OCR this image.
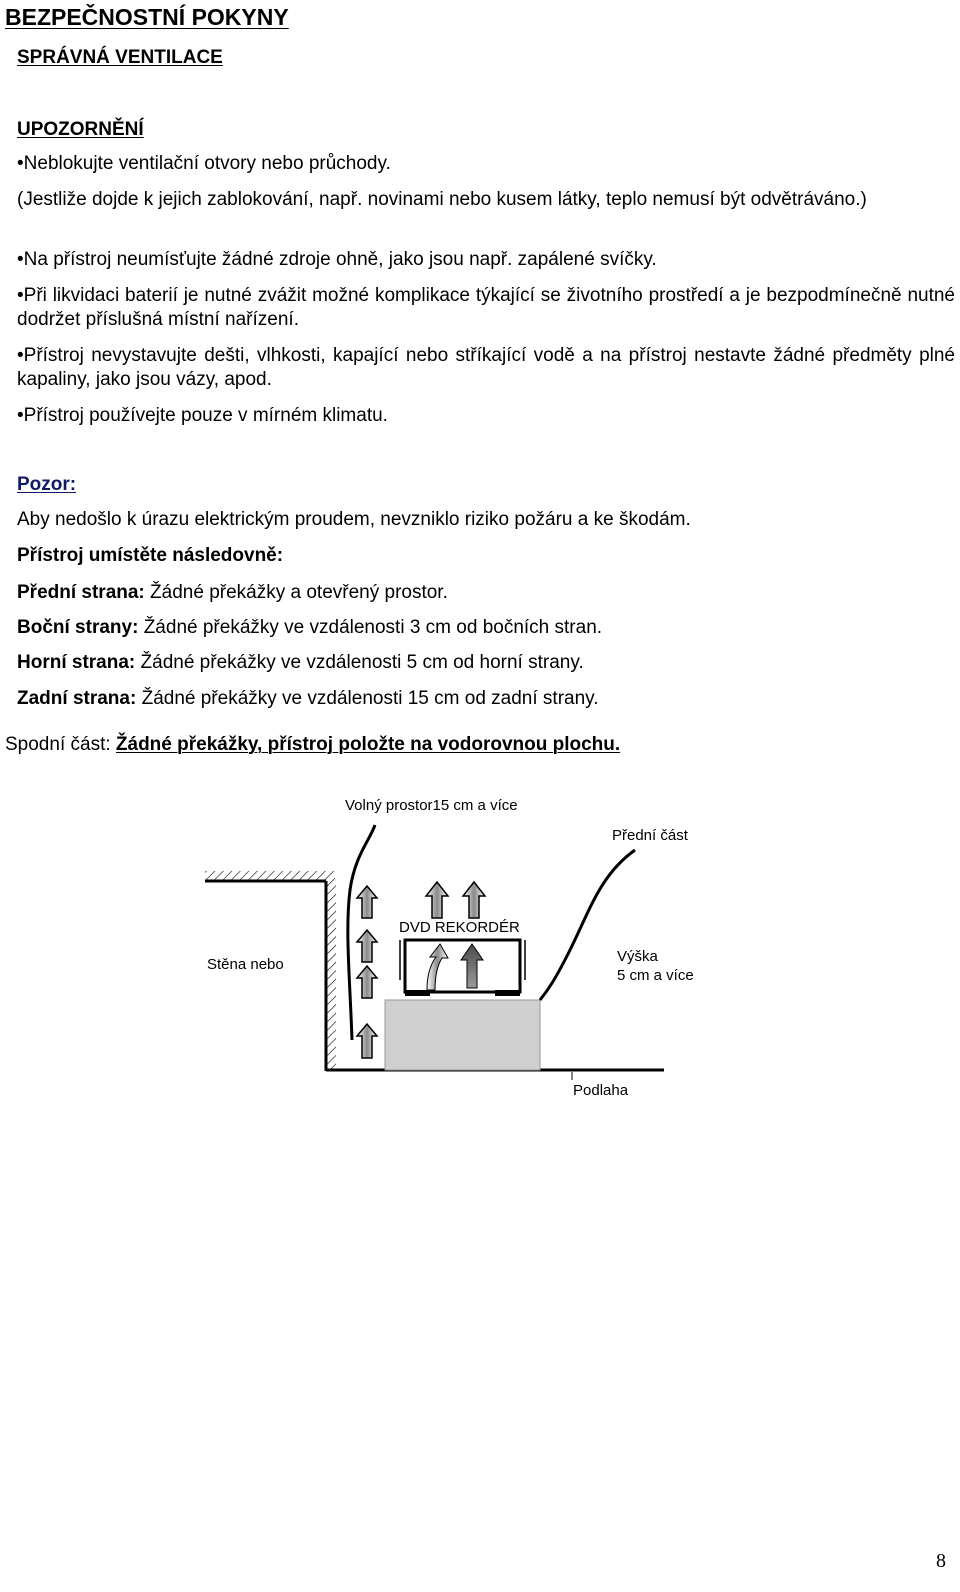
BEZPEČNOSTNÍ POKYNY
SPRÁVNÁ VENTILACE
UPOZORNĚNÍ
•Neblokujte ventilační otvory nebo průchody.
(Jestliže dojde k jejich zablokování, např. novinami nebo kusem látky, teplo nemusí být odvětráváno.)
•Na přístroj neumísťujte žádné zdroje ohně, jako jsou např. zapálené svíčky.
•Při likvidaci baterií je nutné zvážit možné komplikace týkající se životního prostředí a je bezpodmínečně nutné dodržet příslušná místní nařízení.
•Přístroj nevystavujte dešti, vlhkosti, kapající nebo stříkající vodě a na přístroj nestavte žádné předměty plné kapaliny, jako jsou vázy, apod.
•Přístroj používejte pouze v mírném klimatu.
Pozor:
Aby nedošlo k úrazu elektrickým proudem, nevzniklo riziko požáru a ke škodám.
Přístroj umístěte následovně:
Přední strana: Žádné překážky a otevřený prostor.
Boční strany: Žádné překážky ve vzdálenosti 3 cm od bočních stran.
Horní strana: Žádné překážky ve vzdálenosti 5 cm od horní strany.
Zadní strana: Žádné překážky ve vzdálenosti 15 cm od zadní strany.
Spodní část: Žádné překážky, přístroj položte na vodorovnou plochu.
Volný prostor15 cm a více
Přední část
DVD REKORDÉR
Stěna nebo	Výška
5 cm a více
Podlaha
8
